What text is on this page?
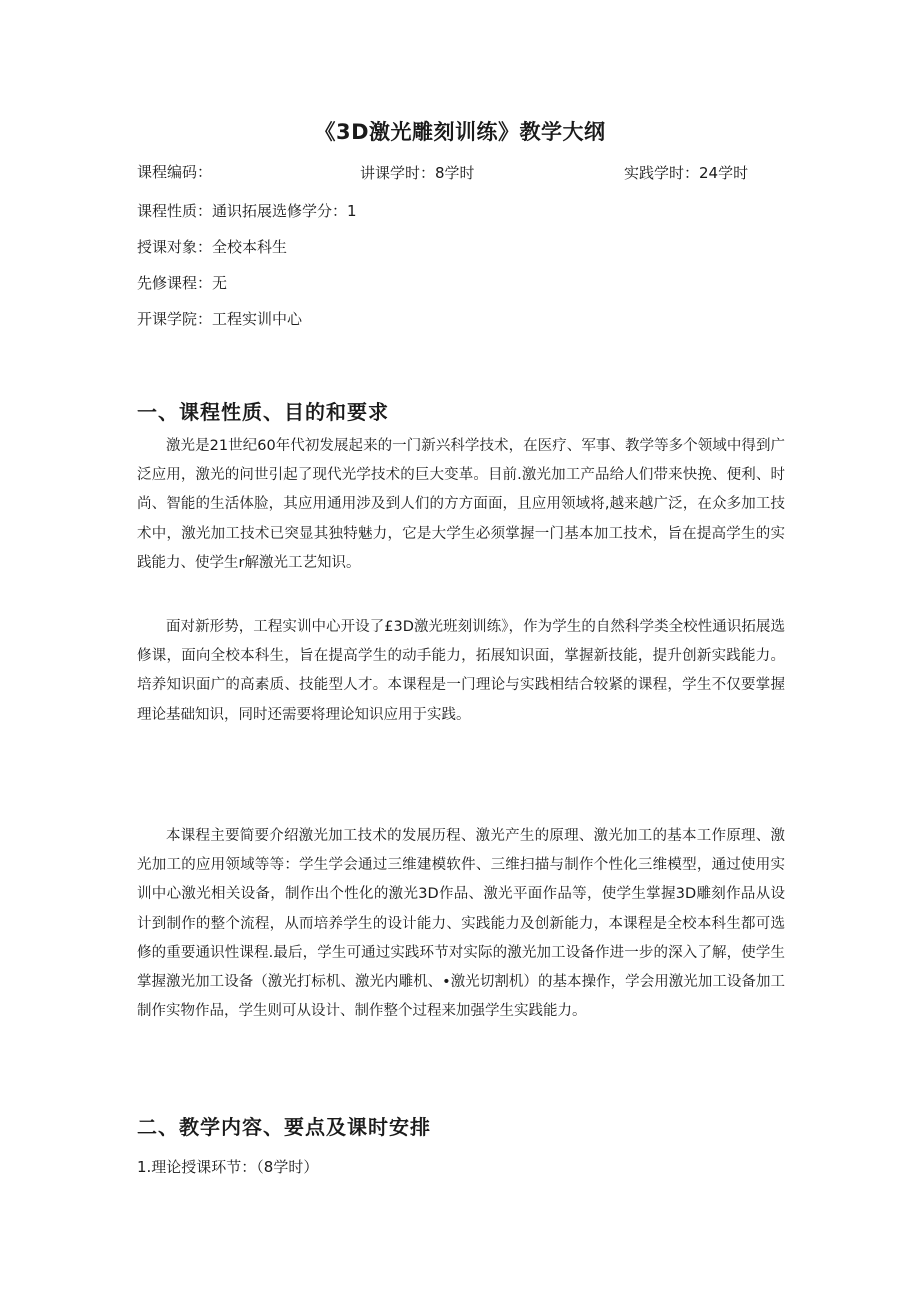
《3D激光雕刻训练》教学大纲
课程编码：	讲课学时：8学时	实践学时：24学时
课程性质：通识拓展选修学分：1
授课对象：全校本科生
先修课程：无
开课学院：工程实训中心
一、课程性质、目的和要求

激光是21世纪60年代初发展起来的一门新兴科学技术，在医疗、军事、教学等多个领域中得到广泛应用，激光的问世引起了现代光学技术的巨大变革。目前.激光加工产品给人们带来快挽、便利、时尚、智能的生活体脸，其应用通用涉及到人们的方方面面，且应用领域将,越来越广泛，在众多加工技术中，激光加工技术已突显其独特魅力，它是大学生必须掌握一门基本加工技术，旨在提高学生的实践能力、使学生r解激光工艺知识。

面对新形势，工程实训中心开设了£3D激光班刻训练》，作为学生的自然科学类全校性通识拓展选修课，面向全校本科生，旨在提高学生的动手能力，拓展知识面，掌握新技能，提升创新实践能力。培养知识面广的高素质、技能型人才。本课程是一门理论与实践相结合较紧的课程，学生不仅要掌握理论基础知识，同时还需要将理论知识应用于实践。

本课程主要简要介绍激光加工技术的发展历程、激光产生的原理、激光加工的基本工作原理、激光加工的应用领域等等：学生学会通过三维建模软件、三维扫描与制作个性化三维模型，通过使用实训中心激光相关设备，制作出个性化的激光3D作品、激光平面作品等，使学生掌握3D雕刻作品从设计到制作的整个流程，从而培养学生的设计能力、实践能力及创新能力，本课程是全校本科生都可选修的重要通识性课程.最后，学生可通过实践环节对实际的激光加工设备作进一步的深入了解，使学生掌握激光加工设备（激光打标机、激光内雕机、•激光切割机）的基本操作，学会用激光加工设备加工制作实物作品，学生则可从设计、制作整个过程来加强学生实践能力。

二、教学内容、要点及课时安排
1.理论授课环节：（8学时）
